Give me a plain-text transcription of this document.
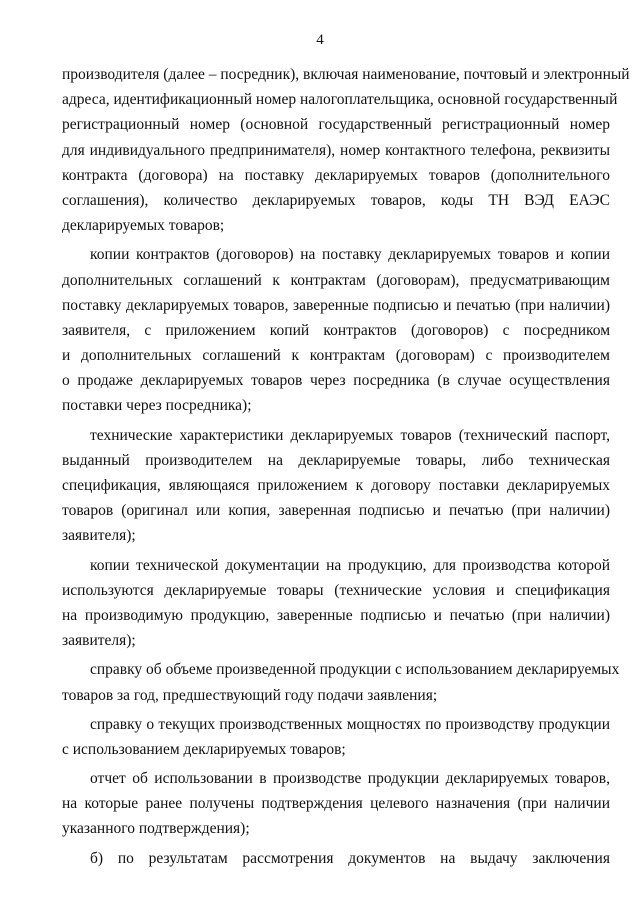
4
производителя (далее – посредник), включая наименование, почтовый и электронный
адреса, идентификационный номер налогоплательщика, основной государственный
регистрационный номер (основной государственный регистрационный номер
для индивидуального предпринимателя), номер контактного телефона, реквизиты
контракта (договора) на поставку декларируемых товаров (дополнительного
соглашения), количество декларируемых товаров, коды ТН ВЭД ЕАЭС
декларируемых товаров;
копии контрактов (договоров) на поставку декларируемых товаров и копии
дополнительных соглашений к контрактам (договорам), предусматривающим
поставку декларируемых товаров, заверенные подписью и печатью (при наличии)
заявителя, с приложением копий контрактов (договоров) с посредником
и дополнительных соглашений к контрактам (договорам) с производителем
о продаже декларируемых товаров через посредника (в случае осуществления
поставки через посредника);
технические характеристики декларируемых товаров (технический паспорт,
выданный производителем на декларируемые товары, либо техническая
спецификация, являющаяся приложением к договору поставки декларируемых
товаров (оригинал или копия, заверенная подписью и печатью (при наличии)
заявителя);
копии технической документации на продукцию, для производства которой
используются декларируемые товары (технические условия и спецификация
на производимую продукцию, заверенные подписью и печатью (при наличии)
заявителя);
справку об объеме произведенной продукции с использованием декларируемых
товаров за год, предшествующий году подачи заявления;
справку о текущих производственных мощностях по производству продукции
с использованием декларируемых товаров;
отчет об использовании в производстве продукции декларируемых товаров,
на которые ранее получены подтверждения целевого назначения (при наличии
указанного подтверждения);
б) по результатам рассмотрения документов на выдачу заключения
